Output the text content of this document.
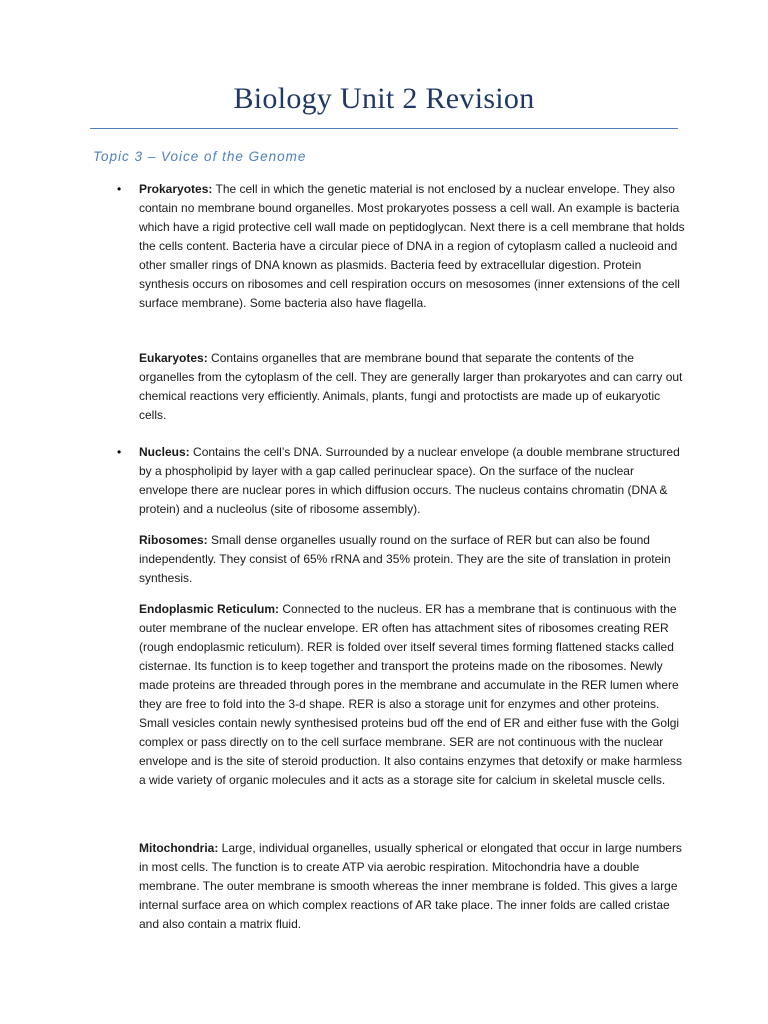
Biology Unit 2 Revision
Topic 3 – Voice of the Genome
• Prokaryotes: The cell in which the genetic material is not enclosed by a nuclear envelope. They also contain no membrane bound organelles. Most prokaryotes possess a cell wall. An example is bacteria which have a rigid protective cell wall made on peptidoglycan. Next there is a cell membrane that holds the cells content. Bacteria have a circular piece of DNA in a region of cytoplasm called a nucleoid and other smaller rings of DNA known as plasmids. Bacteria feed by extracellular digestion. Protein synthesis occurs on ribosomes and cell respiration occurs on mesosomes (inner extensions of the cell surface membrane). Some bacteria also have flagella.

Eukaryotes: Contains organelles that are membrane bound that separate the contents of the organelles from the cytoplasm of the cell. They are generally larger than prokaryotes and can carry out chemical reactions very efficiently. Animals, plants, fungi and protoctists are made up of eukaryotic cells.

• Nucleus: Contains the cell’s DNA. Surrounded by a nuclear envelope (a double membrane structured by a phospholipid by layer with a gap called perinuclear space). On the surface of the nuclear envelope there are nuclear pores in which diffusion occurs. The nucleus contains chromatin (DNA & protein) and a nucleolus (site of ribosome assembly).

Ribosomes: Small dense organelles usually round on the surface of RER but can also be found independently. They consist of 65% rRNA and 35% protein. They are the site of translation in protein synthesis.

Endoplasmic Reticulum: Connected to the nucleus. ER has a membrane that is continuous with the outer membrane of the nuclear envelope. ER often has attachment sites of ribosomes creating RER (rough endoplasmic reticulum). RER is folded over itself several times forming flattened stacks called cisternae. Its function is to keep together and transport the proteins made on the ribosomes. Newly made proteins are threaded through pores in the membrane and accumulate in the RER lumen where they are free to fold into the 3-d shape. RER is also a storage unit for enzymes and other proteins. Small vesicles contain newly synthesised proteins bud off the end of ER and either fuse with the Golgi complex or pass directly on to the cell surface membrane. SER are not continuous with the nuclear envelope and is the site of steroid production. It also contains enzymes that detoxify or make harmless a wide variety of organic molecules and it acts as a storage site for calcium in skeletal muscle cells.

Mitochondria: Large, individual organelles, usually spherical or elongated that occur in large numbers in most cells. The function is to create ATP via aerobic respiration. Mitochondria have a double membrane. The outer membrane is smooth whereas the inner membrane is folded. This gives a large internal surface area on which complex reactions of AR take place. The inner folds are called cristae and also contain a matrix fluid.
